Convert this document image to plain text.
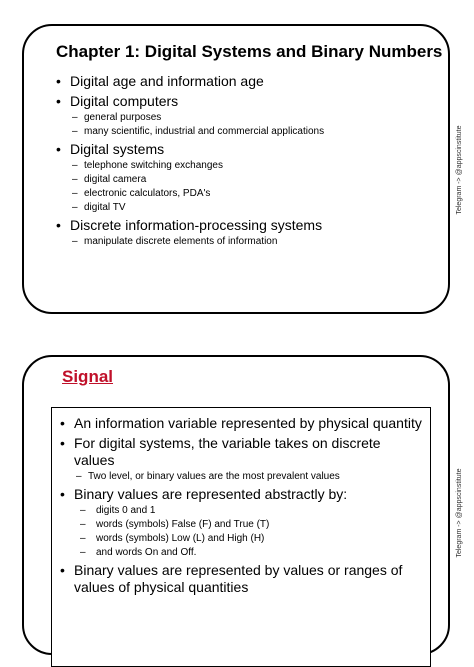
Chapter 1: Digital Systems and Binary Numbers
• Digital age and information age
• Digital computers
– general purposes
– many scientific, industrial and commercial applications
• Digital systems
– telephone switching exchanges
– digital camera
– electronic calculators, PDA's
– digital TV
• Discrete information-processing systems
– manipulate discrete elements of information
Telegram -> @appscinstitute
Signal
• An information variable represented by physical quantity
• For digital systems, the variable takes on discrete values
– Two level, or binary values are the most prevalent values
• Binary values are represented abstractly by:
– digits 0 and 1
– words (symbols) False (F) and True (T)
– words (symbols) Low (L) and High (H)
– and words On and Off.
• Binary values are represented by values or ranges of values of physical quantities
Telegram -> @appscinstitute
